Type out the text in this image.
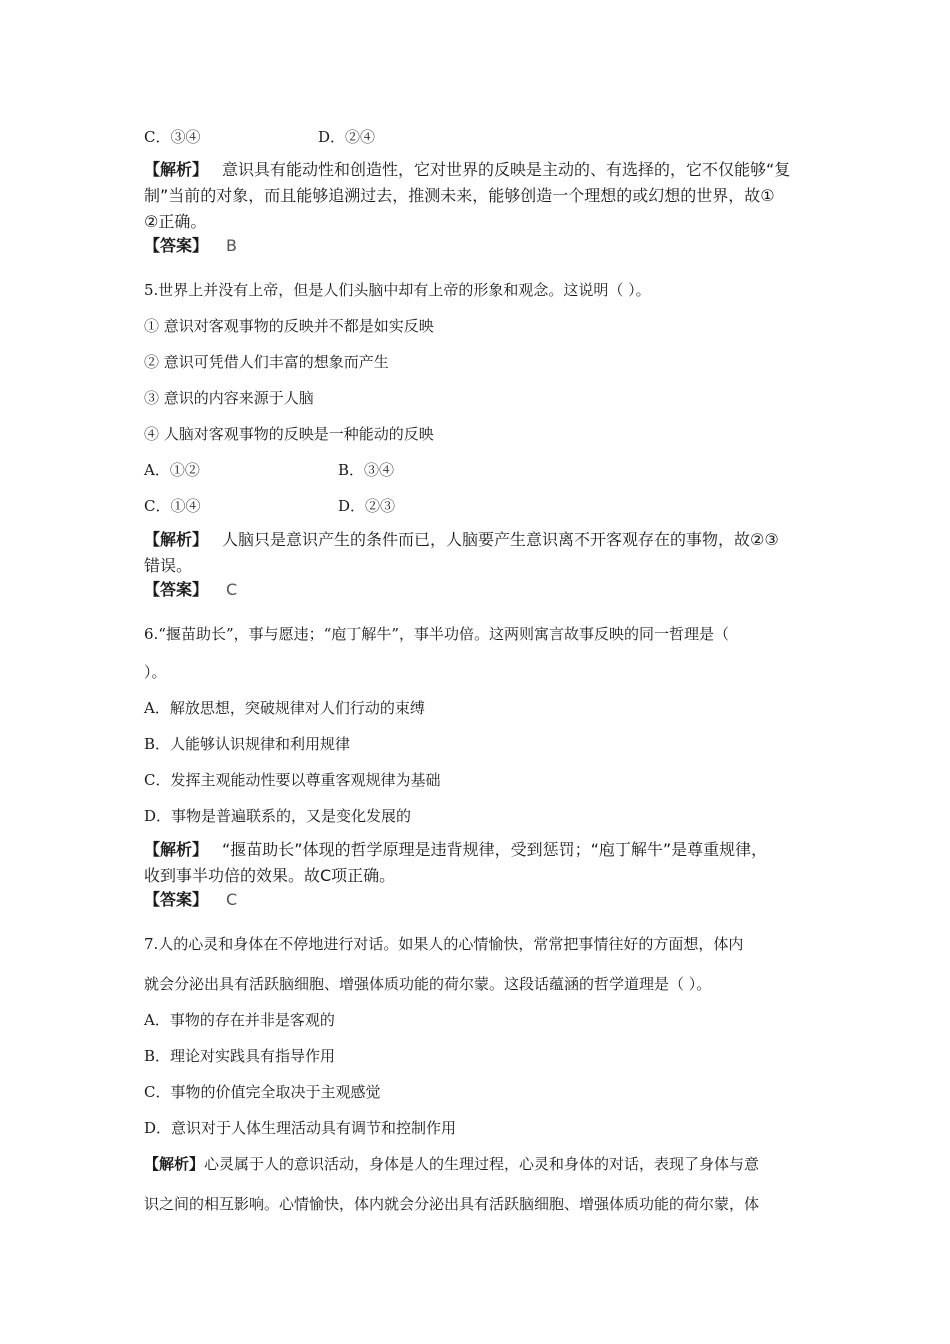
C．③④	D．②④
【解析】 意识具有能动性和创造性，它对世界的反映是主动的、有选择的，它不仅能够“复
制”当前的对象，而且能够追溯过去，推测未来，能够创造一个理想的或幻想的世界，故①
②正确。
【答案】 B
5.世界上并没有上帝，但是人们头脑中却有上帝的形象和观念。这说明（ ）。
① 意识对客观事物的反映并不都是如实反映
② 意识可凭借人们丰富的想象而产生
③ 意识的内容来源于人脑
④ 人脑对客观事物的反映是一种能动的反映
A．①②	B．③④
C．①④	D．②③
【解析】 人脑只是意识产生的条件而已，人脑要产生意识离不开客观存在的事物，故②③
错误。
【答案】 C
6.“揠苗助长”，事与愿违；“庖丁解牛”，事半功倍。这两则寓言故事反映的同一哲理是（
）。
A．解放思想，突破规律对人们行动的束缚
B．人能够认识规律和利用规律
C．发挥主观能动性要以尊重客观规律为基础
D．事物是普遍联系的，又是变化发展的
【解析】 “揠苗助长”体现的哲学原理是违背规律，受到惩罚；“庖丁解牛”是尊重规律，
收到事半功倍的效果。故C项正确。
【答案】 C
7.人的心灵和身体在不停地进行对话。如果人的心情愉快，常常把事情往好的方面想，体内
就会分泌出具有活跃脑细胞、增强体质功能的荷尔蒙。这段话蕴涵的哲学道理是（ ）。
A．事物的存在并非是客观的
B．理论对实践具有指导作用
C．事物的价值完全取决于主观感觉
D．意识对于人体生理活动具有调节和控制作用
【解析】心灵属于人的意识活动，身体是人的生理过程，心灵和身体的对话，表现了身体与意
识之间的相互影响。心情愉快，体内就会分泌出具有活跃脑细胞、增强体质功能的荷尔蒙，体
